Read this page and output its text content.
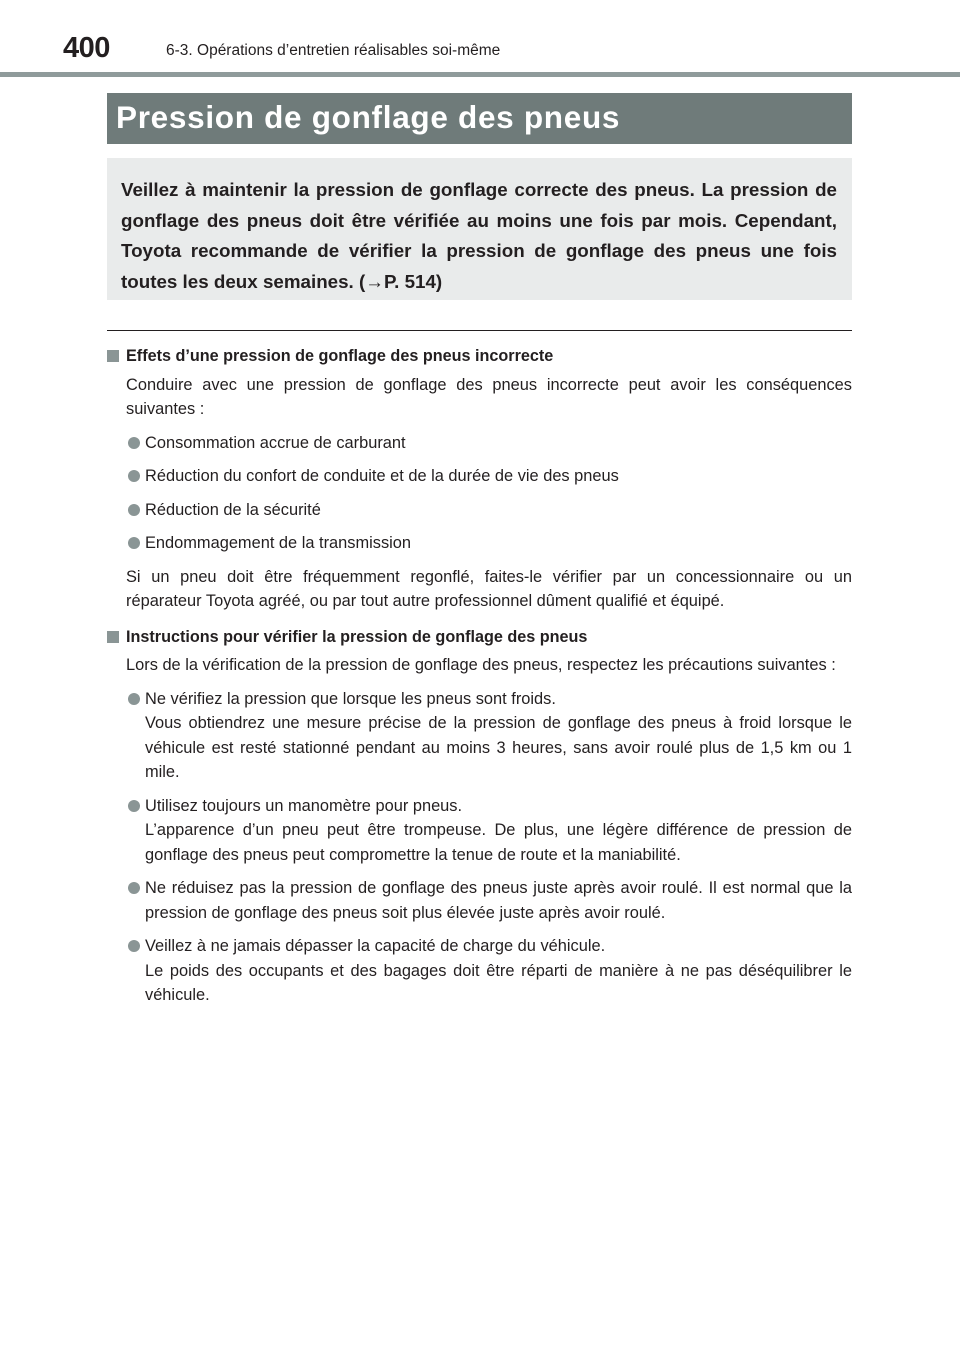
400	6-3. Opérations d’entretien réalisables soi-même
Pression de gonflage des pneus
Veillez à maintenir la pression de gonflage correcte des pneus. La pression de gonflage des pneus doit être vérifiée au moins une fois par mois. Cependant, Toyota recommande de vérifier la pression de gonflage des pneus une fois toutes les deux semaines. (→P. 514)
Effets d’une pression de gonflage des pneus incorrecte
Conduire avec une pression de gonflage des pneus incorrecte peut avoir les conséquences suivantes :

Consommation accrue de carburant

Réduction du confort de conduite et de la durée de vie des pneus

Réduction de la sécurité

Endommagement de la transmission

Si un pneu doit être fréquemment regonflé, faites-le vérifier par un concessionnaire ou un réparateur Toyota agréé, ou par tout autre professionnel dûment qualifié et équipé.
Instructions pour vérifier la pression de gonflage des pneus
Lors de la vérification de la pression de gonflage des pneus, respectez les précautions suivantes :

Ne vérifiez la pression que lorsque les pneus sont froids.

Vous obtiendrez une mesure précise de la pression de gonflage des pneus à froid lorsque le véhicule est resté stationné pendant au moins 3 heures, sans avoir roulé plus de 1,5 km ou 1 mile.

Utilisez toujours un manomètre pour pneus.

L’apparence d’un pneu peut être trompeuse. De plus, une légère différence de pression de gonflage des pneus peut compromettre la tenue de route et la maniabilité.

Ne réduisez pas la pression de gonflage des pneus juste après avoir roulé. Il est normal que la pression de gonflage des pneus soit plus élevée juste après avoir roulé.

Veillez à ne jamais dépasser la capacité de charge du véhicule.

Le poids des occupants et des bagages doit être réparti de manière à ne pas déséquilibrer le véhicule.
